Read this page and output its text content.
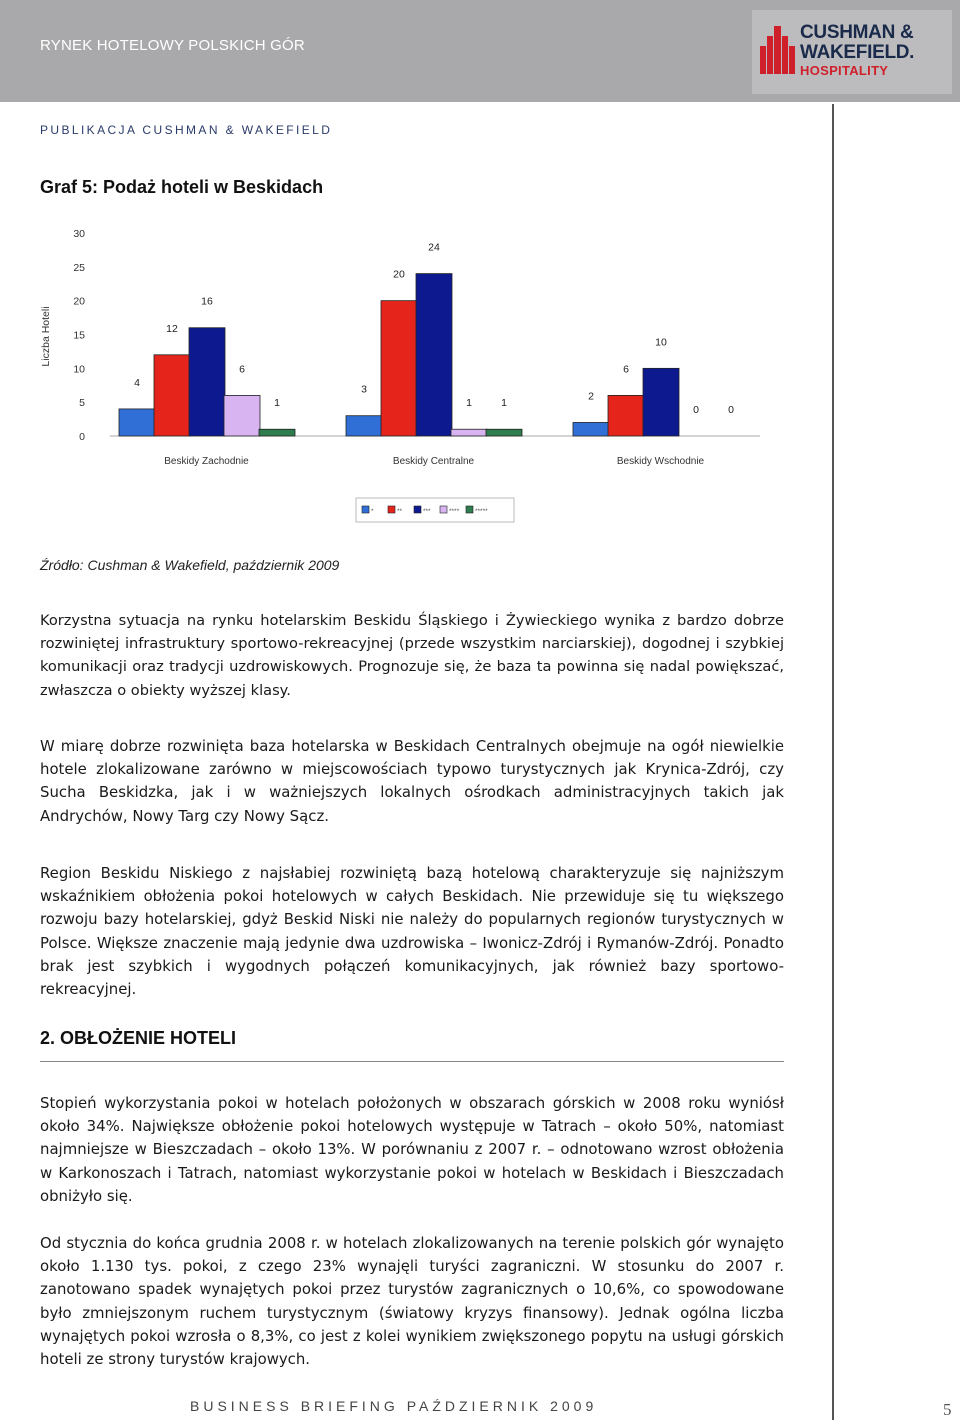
RYNEK HOTELOWY POLSKICH GÓR
CUSHMAN &
WAKEFIELD.
HOSPITALITY
PUBLIKACJA CUSHMAN & WAKEFIELD
Graf 5: Podaż hoteli w Beskidach
0
5
10
15
20
25
30
Liczba Hoteli
4
12
16
6
1
Beskidy Zachodnie
3
20
24
1	1
Beskidy Centralne
2
6
10
0	0
Beskidy Wschodnie
*	**	***	**** *****
Źródło: Cushman & Wakefield, październik 2009

Korzystna sytuacja na rynku hotelarskim Beskidu Śląskiego i Żywieckiego wynika z bardzo dobrze rozwiniętej infrastruktury sportowo-rekreacyjnej (przede wszystkim narciarskiej), dogodnej i szybkiej komunikacji oraz tradycji uzdrowiskowych. Prognozuje się, że baza ta powinna się nadal powiększać, zwłaszcza o obiekty wyższej klasy.

W miarę dobrze rozwinięta baza hotelarska w Beskidach Centralnych obejmuje na ogół niewielkie hotele zlokalizowane zarówno w miejscowościach typowo turystycznych jak Krynica-Zdrój, czy Sucha Beskidzka, jak i w ważniejszych lokalnych ośrodkach administracyjnych takich jak Andrychów, Nowy Targ czy Nowy Sącz.

Region Beskidu Niskiego z najsłabiej rozwiniętą bazą hotelową charakteryzuje się najniższym wskaźnikiem obłożenia pokoi hotelowych w całych Beskidach. Nie przewiduje się tu większego rozwoju bazy hotelarskiej, gdyż Beskid Niski nie należy do popularnych regionów turystycznych w Polsce. Większe znaczenie mają jedynie dwa uzdrowiska – Iwonicz-Zdrój i Rymanów-Zdrój. Ponadto brak jest szybkich i wygodnych połączeń komunikacyjnych, jak również bazy sportowo-rekreacyjnej.

2. OBŁOŻENIE HOTELI

Stopień wykorzystania pokoi w hotelach położonych w obszarach górskich w 2008 roku wyniósł około 34%. Największe obłożenie pokoi hotelowych występuje w Tatrach – około 50%, natomiast najmniejsze w Bieszczadach – około 13%. W porównaniu z 2007 r. – odnotowano wzrost obłożenia w Karkonoszach i Tatrach, natomiast wykorzystanie pokoi w hotelach w Beskidach i Bieszczadach obniżyło się.

Od stycznia do końca grudnia 2008 r. w hotelach zlokalizowanych na terenie polskich gór wynajęto około 1.130 tys. pokoi, z czego 23% wynajęli turyści zagraniczni. W stosunku do 2007 r. zanotowano spadek wynajętych pokoi przez turystów zagranicznych o 10,6%, co spowodowane było zmniejszonym ruchem turystycznym (światowy kryzys finansowy). Jednak ogólna liczba wynajętych pokoi wzrosła o 8,3%, co jest z kolei wynikiem zwiększonego popytu na usługi górskich hoteli ze strony turystów krajowych.

BUSINESS BRIEFING PAŹDZIERNIK 2009	5
